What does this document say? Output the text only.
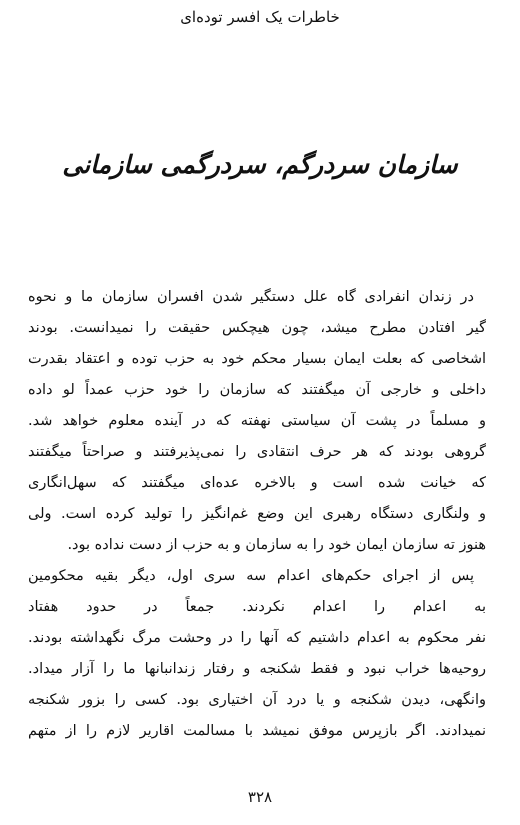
خاطرات یک افسر توده‌ای
سازمان سردرگم، سردرگمی سازمانی
در زندان انفرادی گاه علل دستگیر شدن افسران سازمان ما و نحوه
گیر افتادن مطرح میشد، چون هیچکس حقیقت را نمیدانست. بودند
اشخاصی که بعلت ایمان بسیار محکم خود به حزب توده و اعتقاد بقدرت
داخلی و خارجی آن میگفتند که سازمان را خود حزب عمداً لو داده
و مسلماً در پشت آن سیاستی نهفته که در آینده معلوم خواهد شد.
گروهی بودند که هر حرف انتقادی را نمی‌پذیرفتند و صراحتاً میگفتند
که خیانت شده است و بالاخره عده‌ای میگفتند که سهل‌انگاری
و ولنگاری دستگاه رهبری این وضع غم‌انگیز را تولید کرده است. ولی
هنوز ته سازمان ایمان خود را به سازمان و به حزب از دست نداده بود.
پس از اجرای حکم‌های اعدام سه سری اول، دیگر بقیه محکومین
به اعدام را اعدام نکردند. جمعاً در حدود هفتاد
نفر محکوم به اعدام داشتیم که آنها را در وحشت مرگ نگهداشته بودند.
روحیه‌ها خراب نبود و فقط شکنجه و رفتار زندانبانها ما را آزار میداد.
وانگهی، دیدن شکنجه و یا درد آن اختیاری بود. کسی را بزور شکنجه
نمیدادند. اگر بازپرس موفق نمیشد با مسالمت اقاریر لازم را از متهم
۳۲۸
